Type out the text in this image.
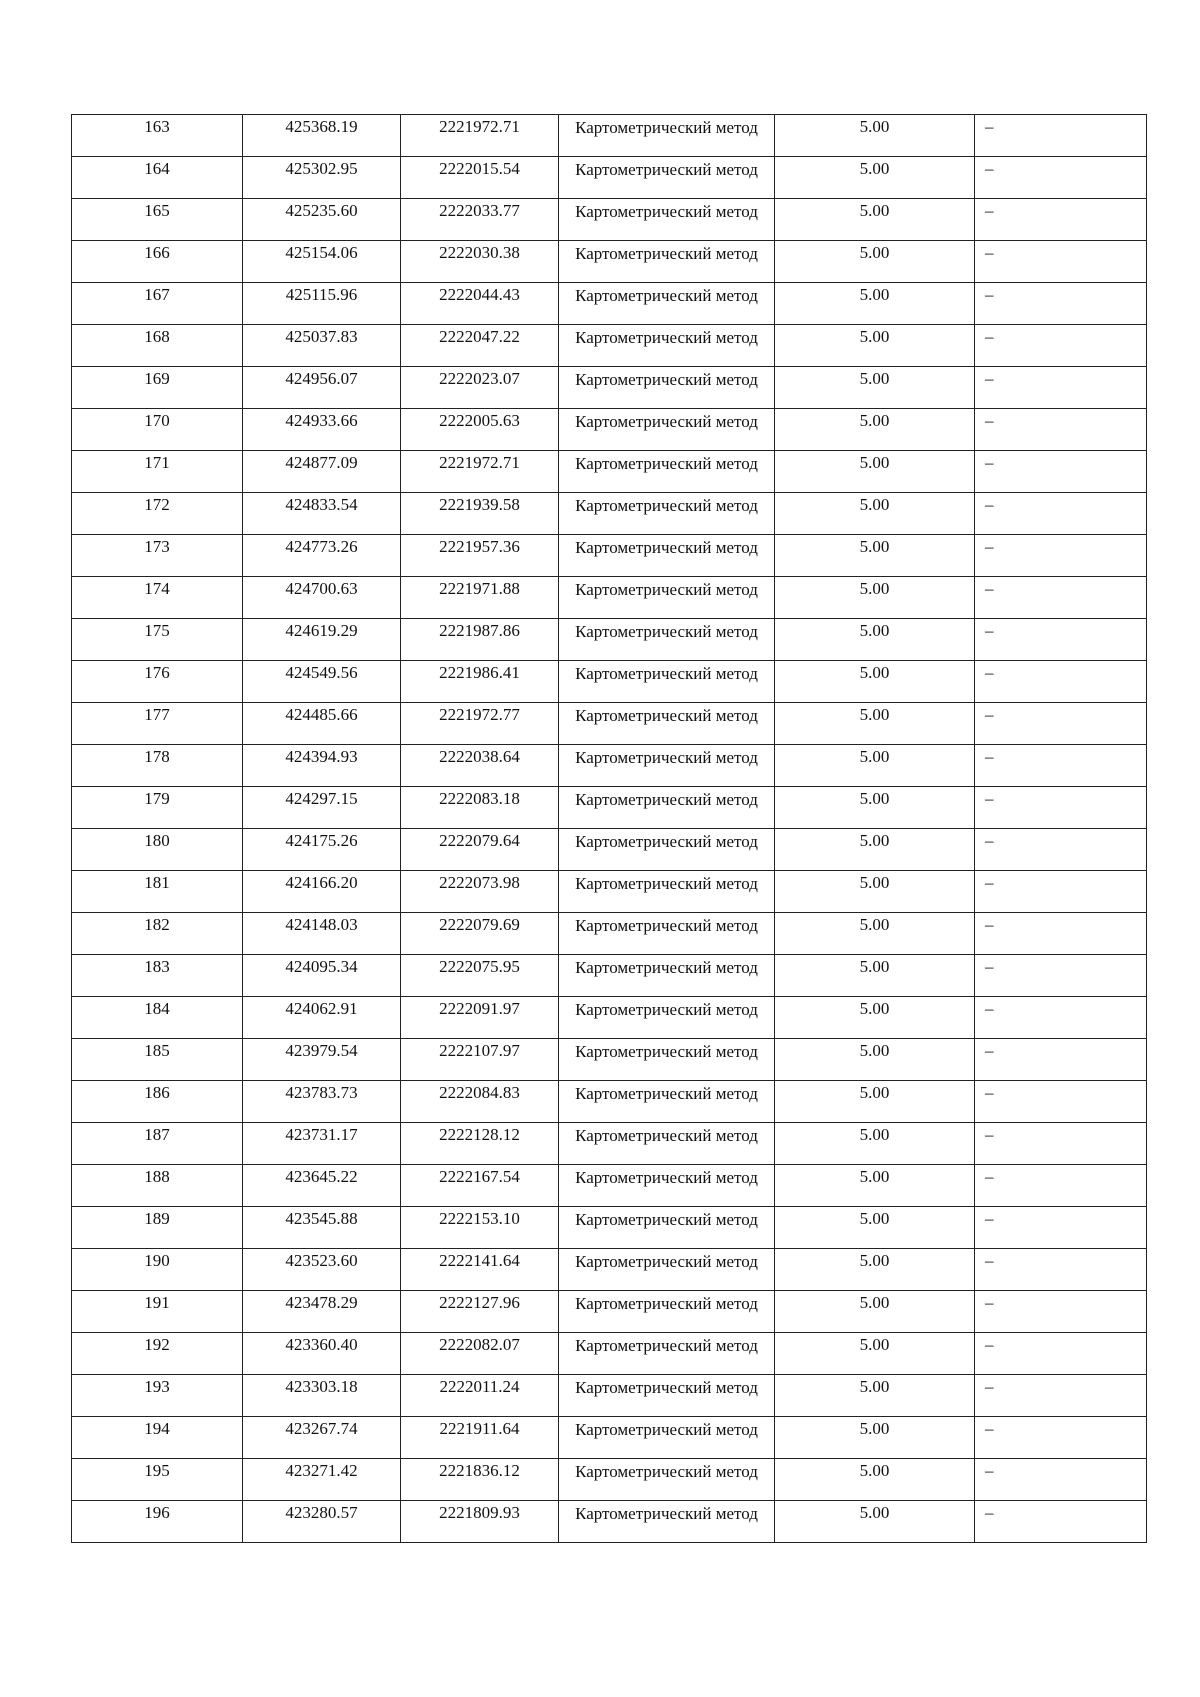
163	425368.19	2221972.71	Картометрический метод	5.00	–

164	425302.95	2222015.54	Картометрический метод	5.00	–

165	425235.60	2222033.77	Картометрический метод	5.00	–

166	425154.06	2222030.38	Картометрический метод	5.00	–

167	425115.96	2222044.43	Картометрический метод	5.00	–

168	425037.83	2222047.22	Картометрический метод	5.00	–

169	424956.07	2222023.07	Картометрический метод	5.00	–

170	424933.66	2222005.63	Картометрический метод	5.00	–

171	424877.09	2221972.71	Картометрический метод	5.00	–

172	424833.54	2221939.58	Картометрический метод	5.00	–

173	424773.26	2221957.36	Картометрический метод	5.00	–

174	424700.63	2221971.88	Картометрический метод	5.00	–

175	424619.29	2221987.86	Картометрический метод	5.00	–

176	424549.56	2221986.41	Картометрический метод	5.00	–

177	424485.66	2221972.77	Картометрический метод	5.00	–

178	424394.93	2222038.64	Картометрический метод	5.00	–

179	424297.15	2222083.18	Картометрический метод	5.00	–

180	424175.26	2222079.64	Картометрический метод	5.00	–

181	424166.20	2222073.98	Картометрический метод	5.00	–

182	424148.03	2222079.69	Картометрический метод	5.00	–

183	424095.34	2222075.95	Картометрический метод	5.00	–

184	424062.91	2222091.97	Картометрический метод	5.00	–

185	423979.54	2222107.97	Картометрический метод	5.00	–

186	423783.73	2222084.83	Картометрический метод	5.00	–

187	423731.17	2222128.12	Картометрический метод	5.00	–

188	423645.22	2222167.54	Картометрический метод	5.00	–

189	423545.88	2222153.10	Картометрический метод	5.00	–

190	423523.60	2222141.64	Картометрический метод	5.00	–

191	423478.29	2222127.96	Картометрический метод	5.00	–

192	423360.40	2222082.07	Картометрический метод	5.00	–

193	423303.18	2222011.24	Картометрический метод	5.00	–

194	423267.74	2221911.64	Картометрический метод	5.00	–

195	423271.42	2221836.12	Картометрический метод	5.00	–

196	423280.57	2221809.93	Картометрический метод	5.00	–
